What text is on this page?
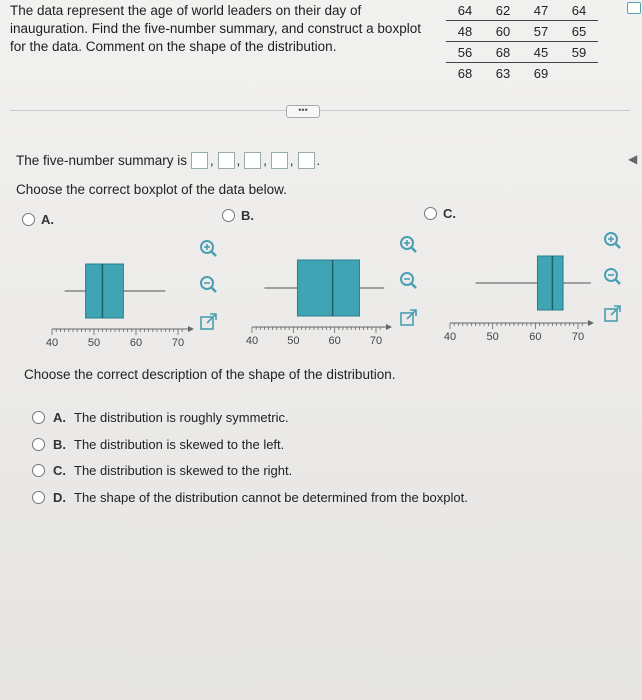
The data represent the age of world leaders on their day of
inauguration. Find the five-number summary, and construct a boxplot
for the data. Comment on the shape of the distribution.
64	62	47	64
48	60	57	65
56	68	45	59
68	63	69	
•••
◀
The five-number summary is , , , , .
Choose the correct boxplot of the data below.
A.	B.	C.
40	50	60	70	40	50	60	70	40	50	60	70
Choose the correct description of the shape of the distribution.
A. The distribution is roughly symmetric.
B. The distribution is skewed to the left.
C. The distribution is skewed to the right.
D. The shape of the distribution cannot be determined from the boxplot.
